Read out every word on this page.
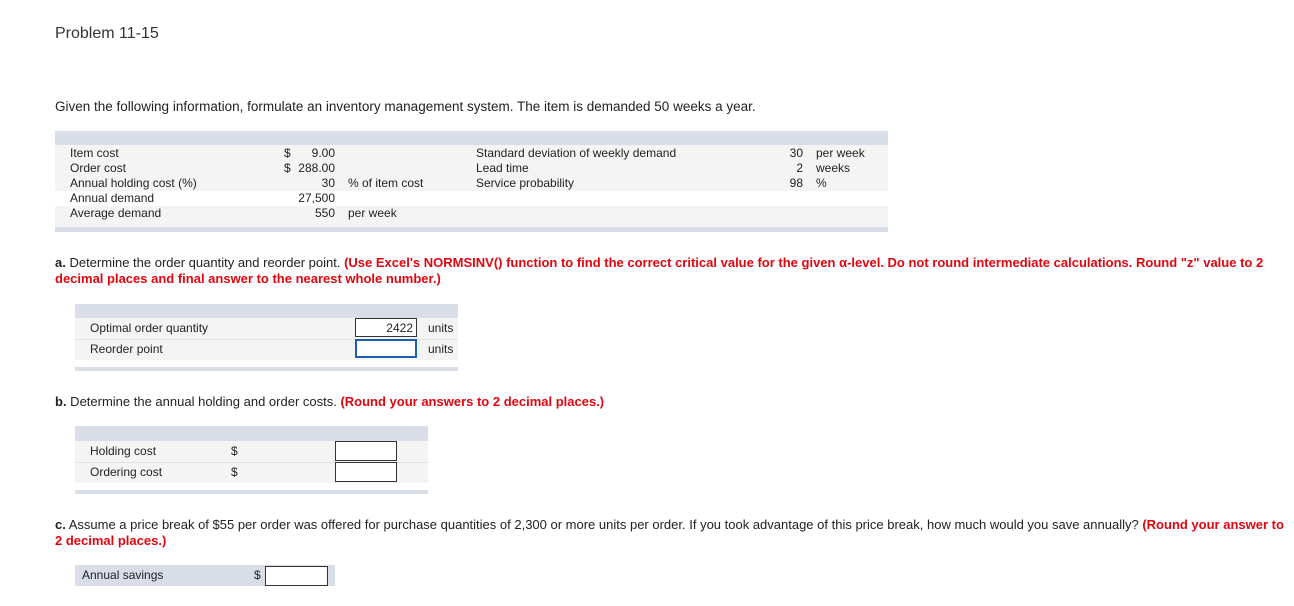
Problem 11-15
Given the following information, formulate an inventory management system. The item is demanded 50 weeks a year.
Item cost
Order cost
Annual holding cost (%)
Annual demand
Average demand
$
$
9.00
288.00
30
27,500
550
% of item cost
per week
Standard deviation of weekly demand
Lead time
Service probability
30
2
98
per week
weeks
%
a. Determine the order quantity and reorder point. (Use Excel's NORMSINV() function to find the correct critical value for the given α-level. Do not round intermediate calculations. Round "z" value to 2 decimal places and final answer to the nearest whole number.)
Optimal order quantity
Reorder point
2422	units
units
b. Determine the annual holding and order costs. (Round your answers to 2 decimal places.)
Holding cost
Ordering cost
$
$
c. Assume a price break of $55 per order was offered for purchase quantities of 2,300 or more units per order. If you took advantage of this price break, how much would you save annually? (Round your answer to 2 decimal places.)
Annual savings	$
